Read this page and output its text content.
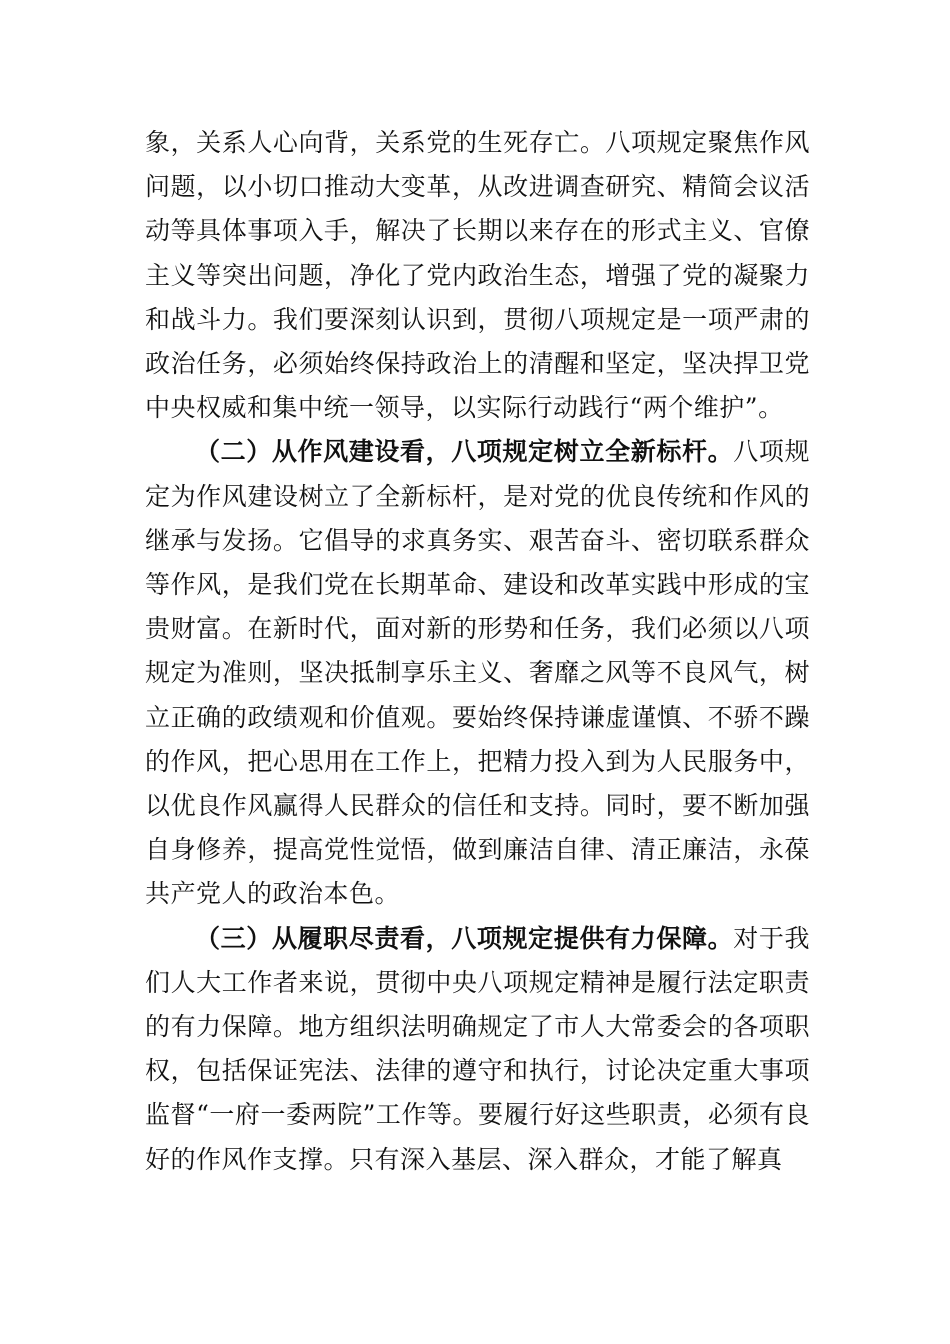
象，关系人心向背，关系党的生死存亡。八项规定聚焦作风问题，以小切口推动大变革，从改进调查研究、精简会议活动等具体事项入手，解决了长期以来存在的形式主义、官僚主义等突出问题，净化了党内政治生态，增强了党的凝聚力和战斗力。我们要深刻认识到，贯彻八项规定是一项严肃的政治任务，必须始终保持政治上的清醒和坚定，坚决捍卫党中央权威和集中统一领导，以实际行动践行“两个维护”。

（二）从作风建设看，八项规定树立全新标杆。八项规定为作风建设树立了全新标杆，是对党的优良传统和作风的继承与发扬。它倡导的求真务实、艰苦奋斗、密切联系群众等作风，是我们党在长期革命、建设和改革实践中形成的宝贵财富。在新时代，面对新的形势和任务，我们必须以八项规定为准则，坚决抵制享乐主义、奢靡之风等不良风气，树立正确的政绩观和价值观。要始终保持谦虚谨慎、不骄不躁的作风，把心思用在工作上，把精力投入到为人民服务中，以优良作风赢得人民群众的信任和支持。同时，要不断加强自身修养，提高党性觉悟，做到廉洁自律、清正廉洁，永葆共产党人的政治本色。

（三）从履职尽责看，八项规定提供有力保障。对于我们人大工作者来说，贯彻中央八项规定精神是履行法定职责的有力保障。地方组织法明确规定了市人大常委会的各项职权，包括保证宪法、法律的遵守和执行，讨论决定重大事项监督“一府一委两院”工作等。要履行好这些职责，必须有良好的作风作支撑。只有深入基层、深入群众，才能了解真
